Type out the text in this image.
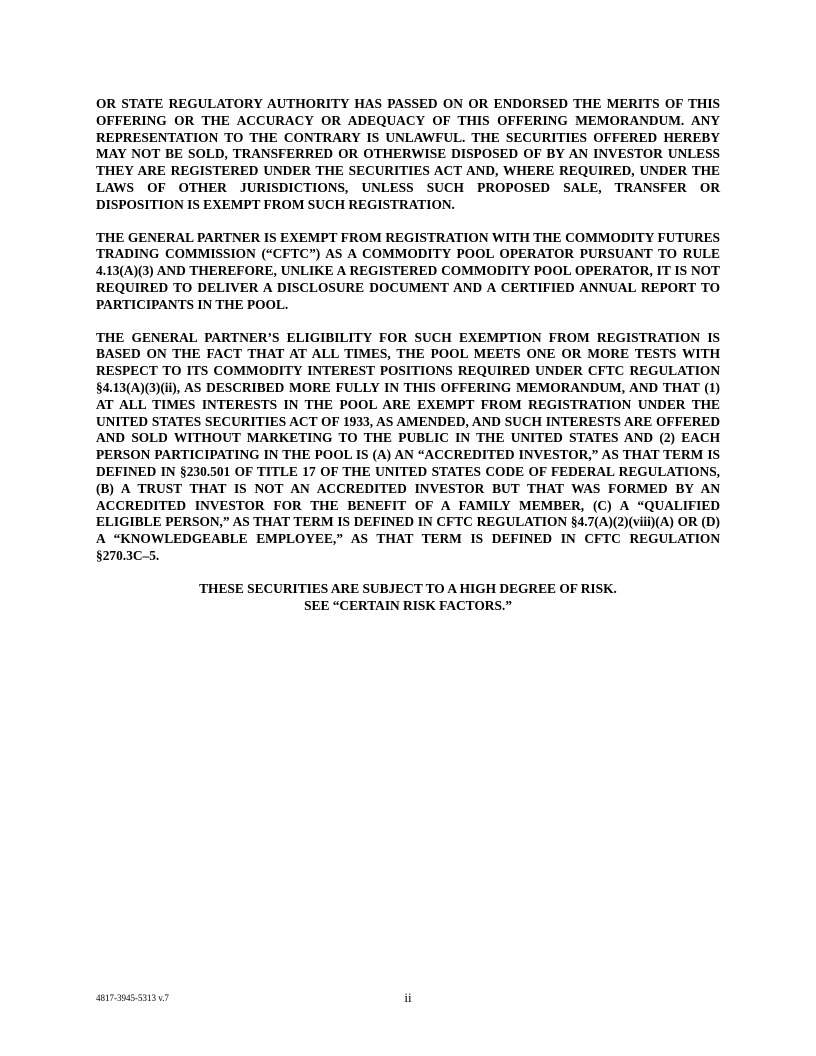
OR STATE REGULATORY AUTHORITY HAS PASSED ON OR ENDORSED THE MERITS OF THIS OFFERING OR THE ACCURACY OR ADEQUACY OF THIS OFFERING MEMORANDUM. ANY REPRESENTATION TO THE CONTRARY IS UNLAWFUL. THE SECURITIES OFFERED HEREBY MAY NOT BE SOLD, TRANSFERRED OR OTHERWISE DISPOSED OF BY AN INVESTOR UNLESS THEY ARE REGISTERED UNDER THE SECURITIES ACT AND, WHERE REQUIRED, UNDER THE LAWS OF OTHER JURISDICTIONS, UNLESS SUCH PROPOSED SALE, TRANSFER OR DISPOSITION IS EXEMPT FROM SUCH REGISTRATION.

THE GENERAL PARTNER IS EXEMPT FROM REGISTRATION WITH THE COMMODITY FUTURES TRADING COMMISSION (“CFTC”) AS A COMMODITY POOL OPERATOR PURSUANT TO RULE 4.13(A)(3) AND THEREFORE, UNLIKE A REGISTERED COMMODITY POOL OPERATOR, IT IS NOT REQUIRED TO DELIVER A DISCLOSURE DOCUMENT AND A CERTIFIED ANNUAL REPORT TO PARTICIPANTS IN THE POOL.

THE GENERAL PARTNER’S ELIGIBILITY FOR SUCH EXEMPTION FROM REGISTRATION IS BASED ON THE FACT THAT AT ALL TIMES, THE POOL MEETS ONE OR MORE TESTS WITH RESPECT TO ITS COMMODITY INTEREST POSITIONS REQUIRED UNDER CFTC REGULATION §4.13(A)(3)(ii), AS DESCRIBED MORE FULLY IN THIS OFFERING MEMORANDUM, AND THAT (1) AT ALL TIMES INTERESTS IN THE POOL ARE EXEMPT FROM REGISTRATION UNDER THE UNITED STATES SECURITIES ACT OF 1933, AS AMENDED, AND SUCH INTERESTS ARE OFFERED AND SOLD WITHOUT MARKETING TO THE PUBLIC IN THE UNITED STATES AND (2) EACH PERSON PARTICIPATING IN THE POOL IS (A) AN “ACCREDITED INVESTOR,” AS THAT TERM IS DEFINED IN §230.501 OF TITLE 17 OF THE UNITED STATES CODE OF FEDERAL REGULATIONS, (B) A TRUST THAT IS NOT AN ACCREDITED INVESTOR BUT THAT WAS FORMED BY AN ACCREDITED INVESTOR FOR THE BENEFIT OF A FAMILY MEMBER, (C) A “QUALIFIED ELIGIBLE PERSON,” AS THAT TERM IS DEFINED IN CFTC REGULATION §4.7(A)(2)(viii)(A) OR (D) A “KNOWLEDGEABLE EMPLOYEE,” AS THAT TERM IS DEFINED IN CFTC REGULATION §270.3C–5.

THESE SECURITIES ARE SUBJECT TO A HIGH DEGREE OF RISK.
SEE “CERTAIN RISK FACTORS.”
4817-3945-5313 v.7	ii
